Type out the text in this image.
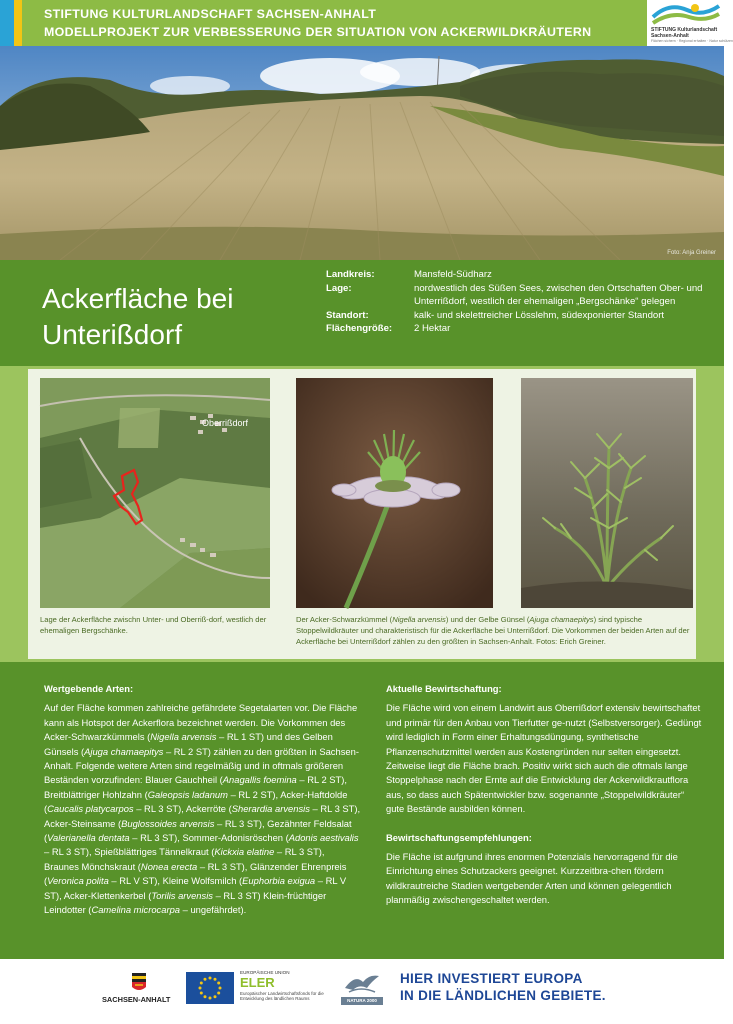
STIFTUNG KULTURLANDSCHAFT SACHSEN-ANHALT
MODELLPROJEKT ZUR VERBESSERUNG DER SITUATION VON ACKERWILDKRÄUTERN	STIFTUNG Kulturlandschaft Sachsen-Anhalt
Flächen sichern · Regional erhalten · Natur schützen
Foto: Anja Greiner
Ackerfläche bei Unterißdorf
Landkreis:	Mansfeld-Südharz
Lage:	nordwestlich des Süßen Sees, zwischen den Ortschaften Ober- und Unterrißdorf, westlich der ehemaligen „Bergschänke“ gelegen
Standort:	kalk- und skelettreicher Lösslehm, südexponierter Standort
Flächengröße: 2 Hektar
Oberrißdorf
Lage der Ackerfläche zwischn Unter- und Oberriß-dorf, westlich der ehemaligen Bergschänke.
Der Acker-Schwarzkümmel (Nigella arvensis) und der Gelbe Günsel (Ajuga chamaepitys) sind typische Stoppelwildkräuter und charakteristisch für die Ackerfläche bei Unterrißdorf. Die Vorkommen der beiden Arten auf der Ackerfläche bei Unterrißdorf zählen zu den größten in Sachsen-Anhalt. Fotos: Erich Greiner.
Wertgebende Arten:

Auf der Fläche kommen zahlreiche gefährdete Segetalarten vor. Die Fläche kann als Hotspot der Ackerflora bezeichnet werden. Die Vorkommen des Acker-Schwarzkümmels (Nigella arvensis – RL 1 ST) und des Gelben Günsels (Ajuga chamaepitys – RL 2 ST) zählen zu den größten in Sachsen-Anhalt. Folgende weitere Arten sind regelmäßig und in oftmals größeren Beständen vorzufinden: Blauer Gauchheil (Anagallis foemina – RL 2 ST), Breitblättriger Hohlzahn (Galeopsis ladanum – RL 2 ST), Acker-Haftdolde (Caucalis platycarpos – RL 3 ST), Ackerröte (Sherardia arvensis – RL 3 ST), Acker-Steinsame (Buglossoides arvensis – RL 3 ST), Gezähnter Feldsalat (Valerianella dentata – RL 3 ST), Sommer-Adonisröschen (Adonis aestivalis – RL 3 ST), Spießblättriges Tännelkraut (Kickxia elatine – RL 3 ST), Braunes Mönchskraut (Nonea erecta – RL 3 ST), Glänzender Ehrenpreis (Veronica polita – RL V ST), Kleine Wolfsmilch (Euphorbia exigua – RL V ST), Acker-Klettenkerbel (Torilis arvensis – RL 3 ST) Klein-früchtiger Leindotter (Camelina microcarpa – ungefährdet).

Aktuelle Bewirtschaftung:

Die Fläche wird von einem Landwirt aus Oberrißdorf extensiv bewirtschaftet und primär für den Anbau von Tierfutter ge-nutzt (Selbstversorger). Gedüngt wird lediglich in Form einer Erhaltungsdüngung, synthetische Pflanzenschutzmittel werden aus Kostengründen nur selten eingesetzt. Zeitweise liegt die Fläche brach. Positiv wirkt sich auch die oftmals lange Stoppelphase nach der Ernte auf die Entwicklung der Ackerwildkrautflora aus, so dass auch Spätentwickler bzw. sogenannte „Stoppelwildkräuter“ gute Bestände ausbilden können.

Bewirtschaftungsempfehlungen:

Die Fläche ist aufgrund ihres enormen Potenzials hervorragend für die Einrichtung eines Schutzackers geeignet. Kurzzeitbra-chen fördern wildkrautreiche Stadien wertgebender Arten und können gelegentlich planmäßig zwischengeschaltet werden.

SACHSEN-ANHALT
EUROPÄISCHE UNION
ELER
Europäischer Landwirtschaftsfonds für die Entwicklung des ländlichen Raums	NATURA 2000
HIER INVESTIERT EUROPA
IN DIE LÄNDLICHEN GEBIETE.
